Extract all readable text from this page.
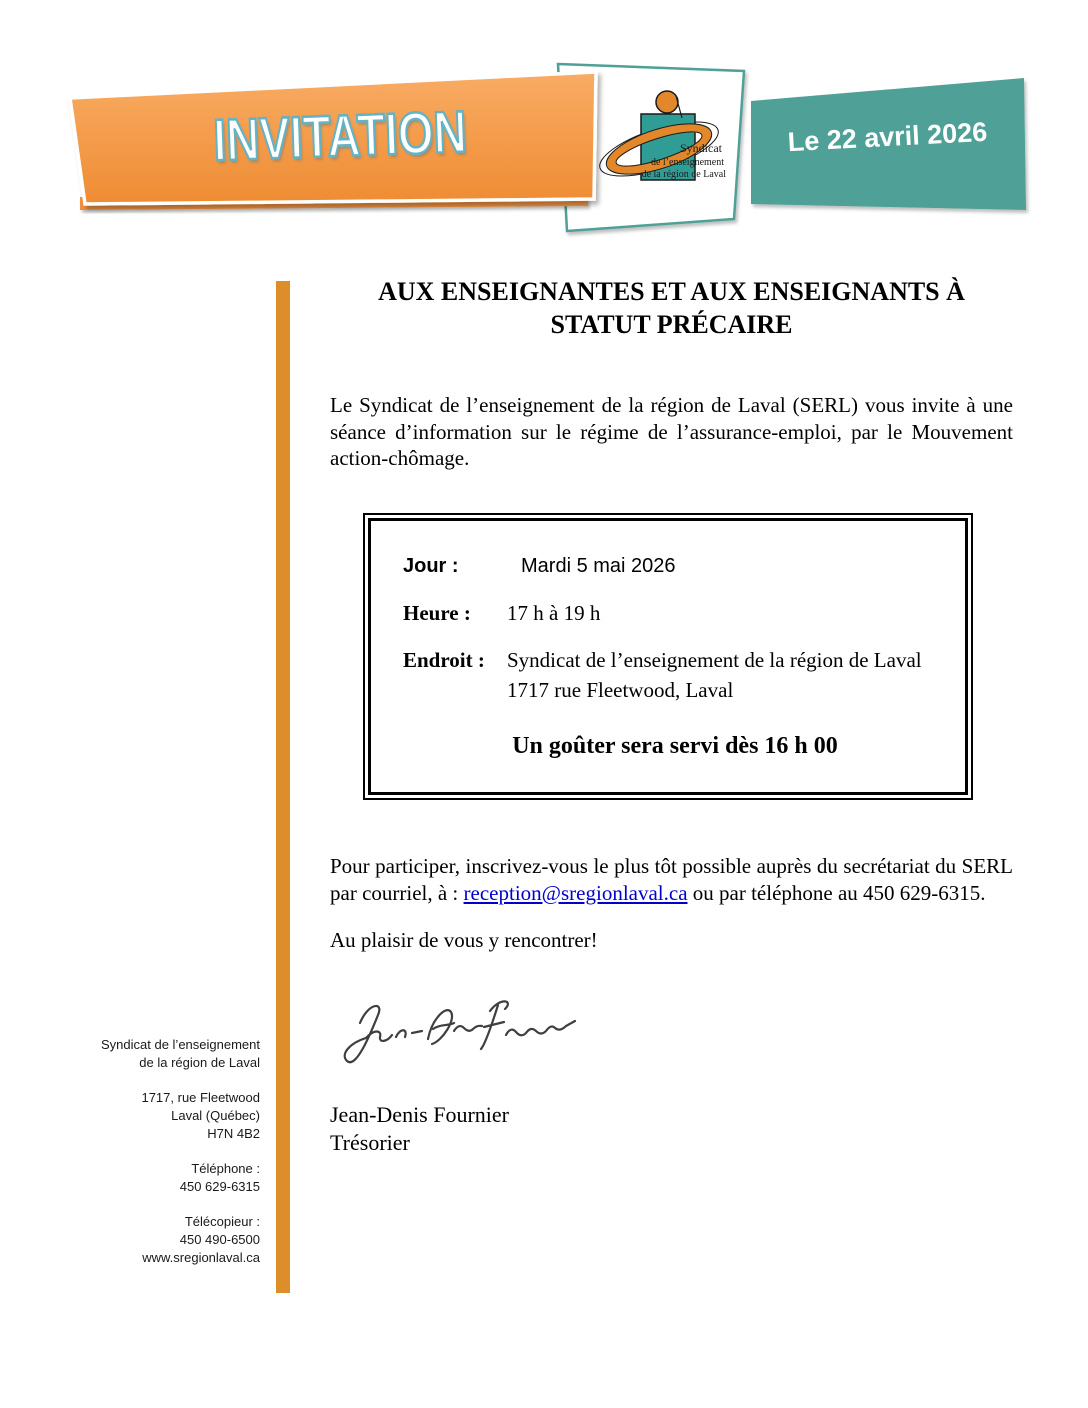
Syndicat
de l’enseignement
de la région de Laval
INVITATION	Le 22 avril 2026
Syndicat de l’enseignement
de la région de Laval
1717, rue Fleetwood
Laval (Québec)
H7N 4B2
Téléphone :
450 629-6315
Télécopieur :
450 490-6500
www.sregionlaval.ca
AUX ENSEIGNANTES ET AUX ENSEIGNANTS À STATUT PRÉCAIRE

Le Syndicat de l’enseignement de la région de Laval (SERL) vous invite à une séance d’information sur le régime de l’assurance-emploi, par le Mouvement action-chômage.

Jour :	Mardi 5 mai 2026
Heure :	17 h à 19 h
Endroit :	Syndicat de l’enseignement de la région de Laval
1717 rue Fleetwood, Laval
Un goûter sera servi dès 16 h 00

Pour participer, inscrivez-vous le plus tôt possible auprès du secrétariat du SERL par courriel, à : reception@sregionlaval.ca ou par téléphone au 450 629-6315.

Au plaisir de vous y rencontrer!

Jean-Denis Fournier
Trésorier
